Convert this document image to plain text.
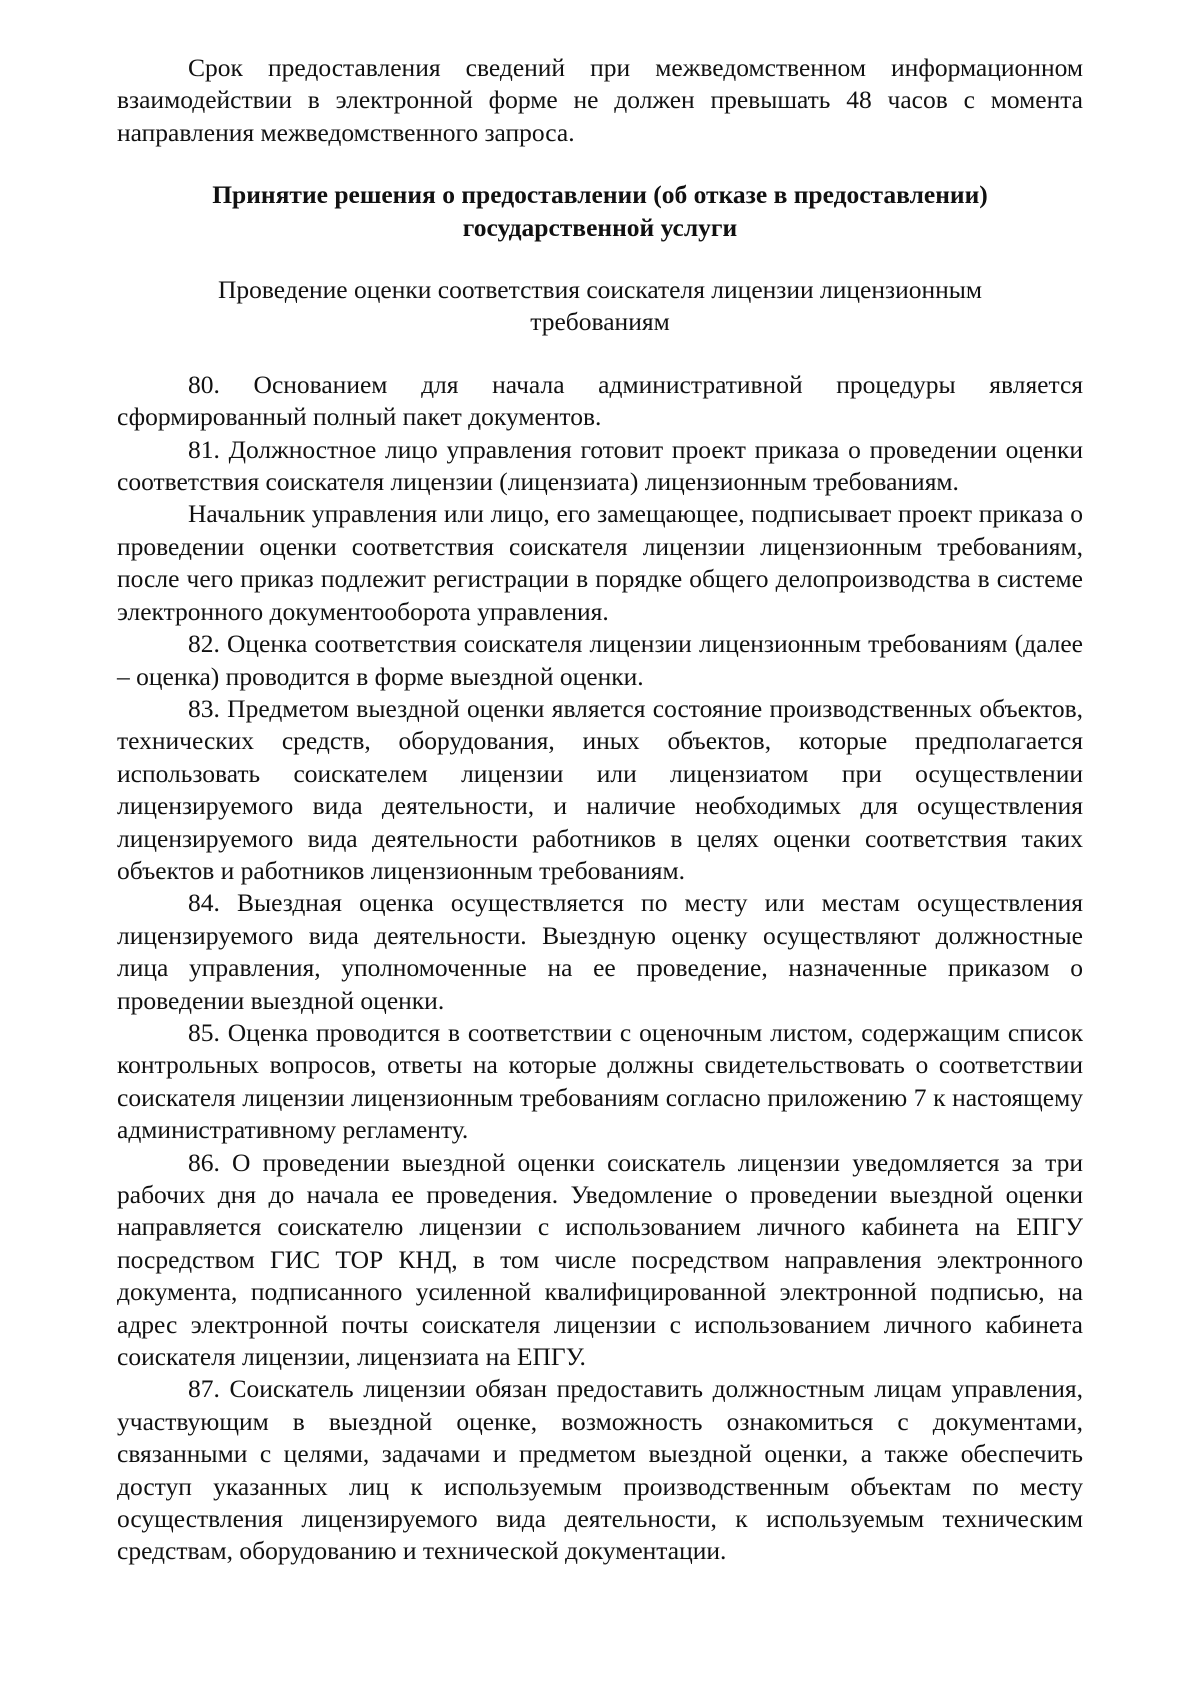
Срок предоставления сведений при межведомственном информационном взаимодействии в электронной форме не должен превышать 48 часов с момента направления межведомственного запроса.

Принятие решения о предоставлении (об отказе в предоставлении)

государственной услуги

Проведение оценки соответствия соискателя лицензии лицензионным

требованиям

80. Основанием для начала административной процедуры является сформированный полный пакет документов.

81. Должностное лицо управления готовит проект приказа о проведении оценки соответствия соискателя лицензии (лицензиата) лицензионным требованиям.

Начальник управления или лицо, его замещающее, подписывает проект приказа о проведении оценки соответствия соискателя лицензии лицензионным требованиям, после чего приказ подлежит регистрации в порядке общего делопроизводства в системе электронного документооборота управления.

82. Оценка соответствия соискателя лицензии лицензионным требованиям (далее – оценка) проводится в форме выездной оценки.

83. Предметом выездной оценки является состояние производственных объектов, технических средств, оборудования, иных объектов, которые предполагается использовать соискателем лицензии или лицензиатом при осуществлении лицензируемого вида деятельности, и наличие необходимых для осуществления лицензируемого вида деятельности работников в целях оценки соответствия таких объектов и работников лицензионным требованиям.

84. Выездная оценка осуществляется по месту или местам осуществления лицензируемого вида деятельности. Выездную оценку осуществляют должностные лица управления, уполномоченные на ее проведение, назначенные приказом о проведении выездной оценки.

85. Оценка проводится в соответствии с оценочным листом, содержащим список контрольных вопросов, ответы на которые должны свидетельствовать о соответствии соискателя лицензии лицензионным требованиям согласно приложению 7 к настоящему административному регламенту.

86. О проведении выездной оценки соискатель лицензии уведомляется за три рабочих дня до начала ее проведения. Уведомление о проведении выездной оценки направляется соискателю лицензии с использованием личного кабинета на ЕПГУ посредством ГИС ТОР КНД, в том числе посредством направления электронного документа, подписанного усиленной квалифицированной электронной подписью, на адрес электронной почты соискателя лицензии с использованием личного кабинета соискателя лицензии, лицензиата на ЕПГУ.

87. Соискатель лицензии обязан предоставить должностным лицам управления, участвующим в выездной оценке, возможность ознакомиться с документами, связанными с целями, задачами и предметом выездной оценки, а также обеспечить доступ указанных лиц к используемым производственным объектам по месту осуществления лицензируемого вида деятельности, к используемым техническим средствам, оборудованию и технической документации.
